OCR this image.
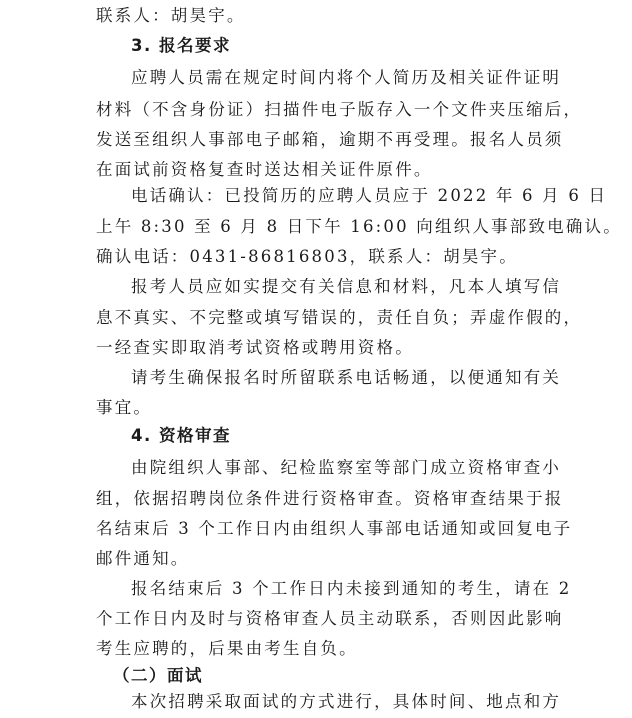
联系人：胡昊宇。
3. 报名要求
应聘人员需在规定时间内将个人简历及相关证件证明
材料（不含身份证）扫描件电子版存入一个文件夹压缩后，
发送至组织人事部电子邮箱，逾期不再受理。报名人员须
在面试前资格复查时送达相关证件原件。
电话确认：已投简历的应聘人员应于 2022 年 6 月 6 日
上午 8:30 至 6 月 8 日下午 16:00 向组织人事部致电确认。
确认电话：0431-86816803，联系人：胡昊宇。
报考人员应如实提交有关信息和材料，凡本人填写信
息不真实、不完整或填写错误的，责任自负；弄虚作假的，
一经查实即取消考试资格或聘用资格。
请考生确保报名时所留联系电话畅通，以便通知有关
事宜。
4. 资格审查
由院组织人事部、纪检监察室等部门成立资格审查小
组，依据招聘岗位条件进行资格审查。资格审查结果于报
名结束后 3 个工作日内由组织人事部电话通知或回复电子
邮件通知。
报名结束后 3 个工作日内未接到通知的考生，请在 2
个工作日内及时与资格审查人员主动联系，否则因此影响
考生应聘的，后果由考生自负。
（二）面试
本次招聘采取面试的方式进行，具体时间、地点和方
